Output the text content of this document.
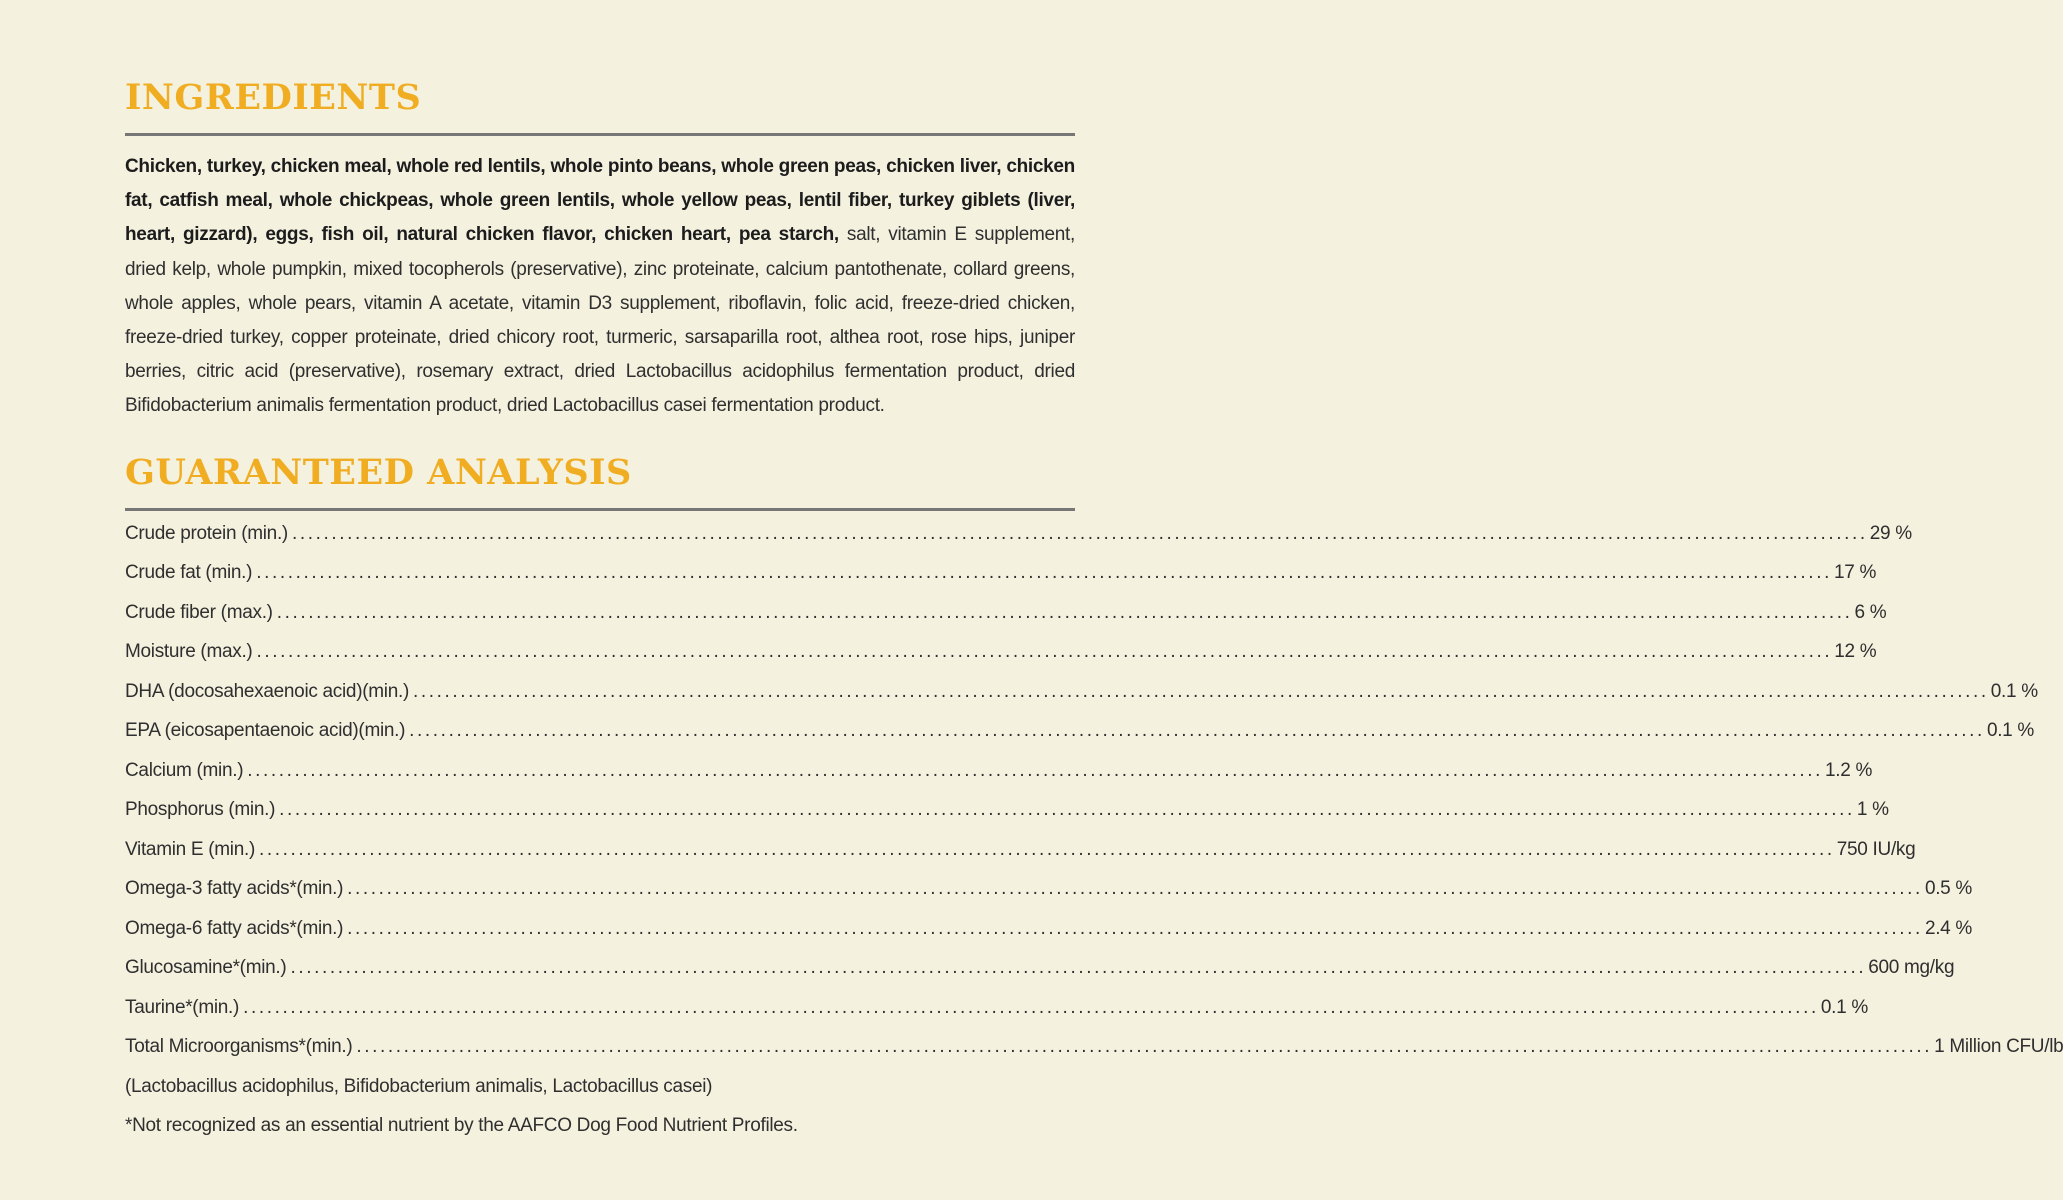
INGREDIENTS
Chicken, turkey, chicken meal, whole red lentils, whole pinto beans, whole green peas, chicken liver, chicken fat, catfish meal, whole chickpeas, whole green lentils, whole yellow peas, lentil fiber, turkey giblets (liver, heart, gizzard), eggs, fish oil, natural chicken flavor, chicken heart, pea starch, salt, vitamin E supplement, dried kelp, whole pumpkin, mixed tocopherols (preservative), zinc proteinate, calcium pantothenate, collard greens, whole apples, whole pears, vitamin A acetate, vitamin D3 supplement, riboflavin, folic acid, freeze-dried chicken, freeze-dried turkey, copper proteinate, dried chicory root, turmeric, sarsaparilla root, althea root, rose hips, juniper berries, citric acid (preservative), rosemary extract, dried Lactobacillus acidophilus fermentation product, dried Bifidobacterium animalis fermentation product, dried Lactobacillus casei fermentation product.
GUARANTEED ANALYSIS
Crude protein (min.) ........................................................................................................................................................................................................ 29 %
Crude fat (min.) ........................................................................................................................................................................................................ 17 %
Crude fiber (max.) ........................................................................................................................................................................................................ 6 %
Moisture (max.) ........................................................................................................................................................................................................ 12 %
DHA (docosahexaenoic acid)(min.) ........................................................................................................................................................................................................ 0.1 %
EPA (eicosapentaenoic acid)(min.) ........................................................................................................................................................................................................ 0.1 %
Calcium (min.) ........................................................................................................................................................................................................ 1.2 %
Phosphorus (min.) ........................................................................................................................................................................................................ 1 %
Vitamin E (min.) ........................................................................................................................................................................................................ 750 IU/kg
Omega-3 fatty acids*(min.) ........................................................................................................................................................................................................ 0.5 %
Omega-6 fatty acids*(min.) ........................................................................................................................................................................................................ 2.4 %
Glucosamine*(min.) ........................................................................................................................................................................................................ 600 mg/kg
Taurine*(min.) ........................................................................................................................................................................................................ 0.1 %
Total Microorganisms*(min.) ........................................................................................................................................................................................................ 1 Million CFU/lb
(Lactobacillus acidophilus, Bifidobacterium animalis, Lactobacillus casei)
*Not recognized as an essential nutrient by the AAFCO Dog Food Nutrient Profiles.
